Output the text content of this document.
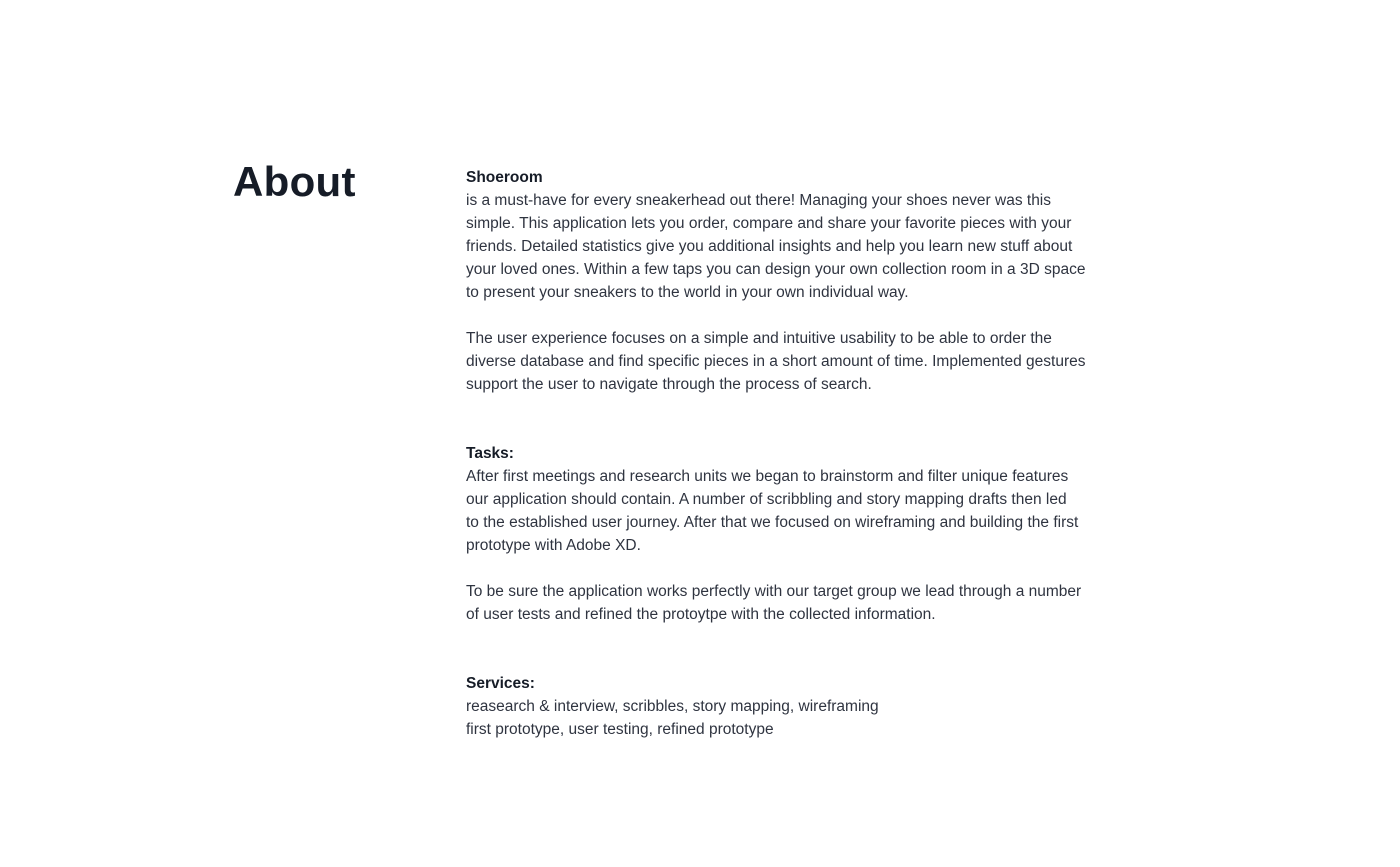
About	Shoeroom

is a must-have for every sneakerhead out there! Managing your shoes never was this
simple. This application lets you order, compare and share your favorite pieces with your
friends. Detailed statistics give you additional insights and help you learn new stuff about
your loved ones. Within a few taps you can design your own collection room in a 3D space
to present your sneakers to the world in your own individual way.

The user experience focuses on a simple and intuitive usability to be able to order the
diverse database and find specific pieces in a short amount of time. Implemented gestures
support the user to navigate through the process of search.

Tasks:

After first meetings and research units we began to brainstorm and filter unique features
our application should contain. A number of scribbling and story mapping drafts then led
to the established user journey. After that we focused on wireframing and building the first
prototype with Adobe XD.

To be sure the application works perfectly with our target group we lead through a number
of user tests and refined the protoytpe with the collected information.

Services:

reasearch & interview, scribbles, story mapping, wireframing
first prototype, user testing, refined prototype
